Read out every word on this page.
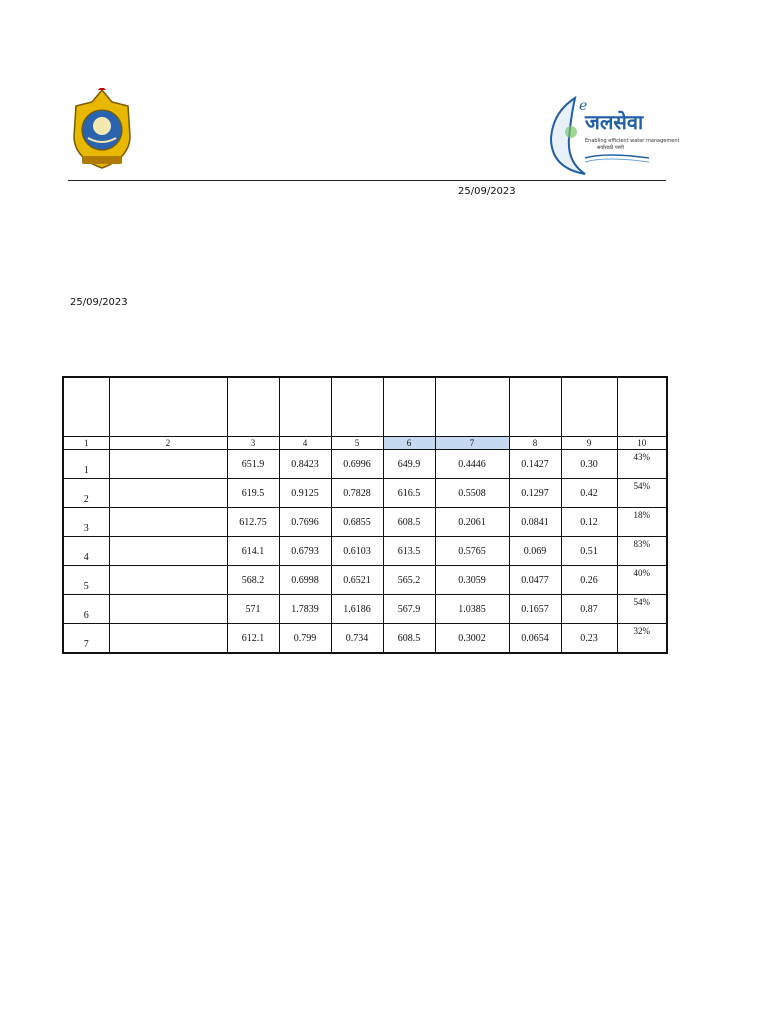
e
जलसेवा
Enabling efficient water management
सर्वांसाठी पाणी
25/09/2023
25/09/2023

1	2	3	4	5	6	7	8	9	10
1		651.9	0.8423	0.6996	649.9	0.4446	0.1427	0.30	43%
2		619.5	0.9125	0.7828	616.5	0.5508	0.1297	0.42	54%
3		612.75	0.7696	0.6855	608.5	0.2061	0.0841	0.12	18%
4		614.1	0.6793	0.6103	613.5	0.5765	0.069	0.51	83%
5		568.2	0.6998	0.6521	565.2	0.3059	0.0477	0.26	40%
6		571	1.7839	1.6186	567.9	1.0385	0.1657	0.87	54%
7		612.1	0.799	0.734	608.5	0.3002	0.0654	0.23	32%
